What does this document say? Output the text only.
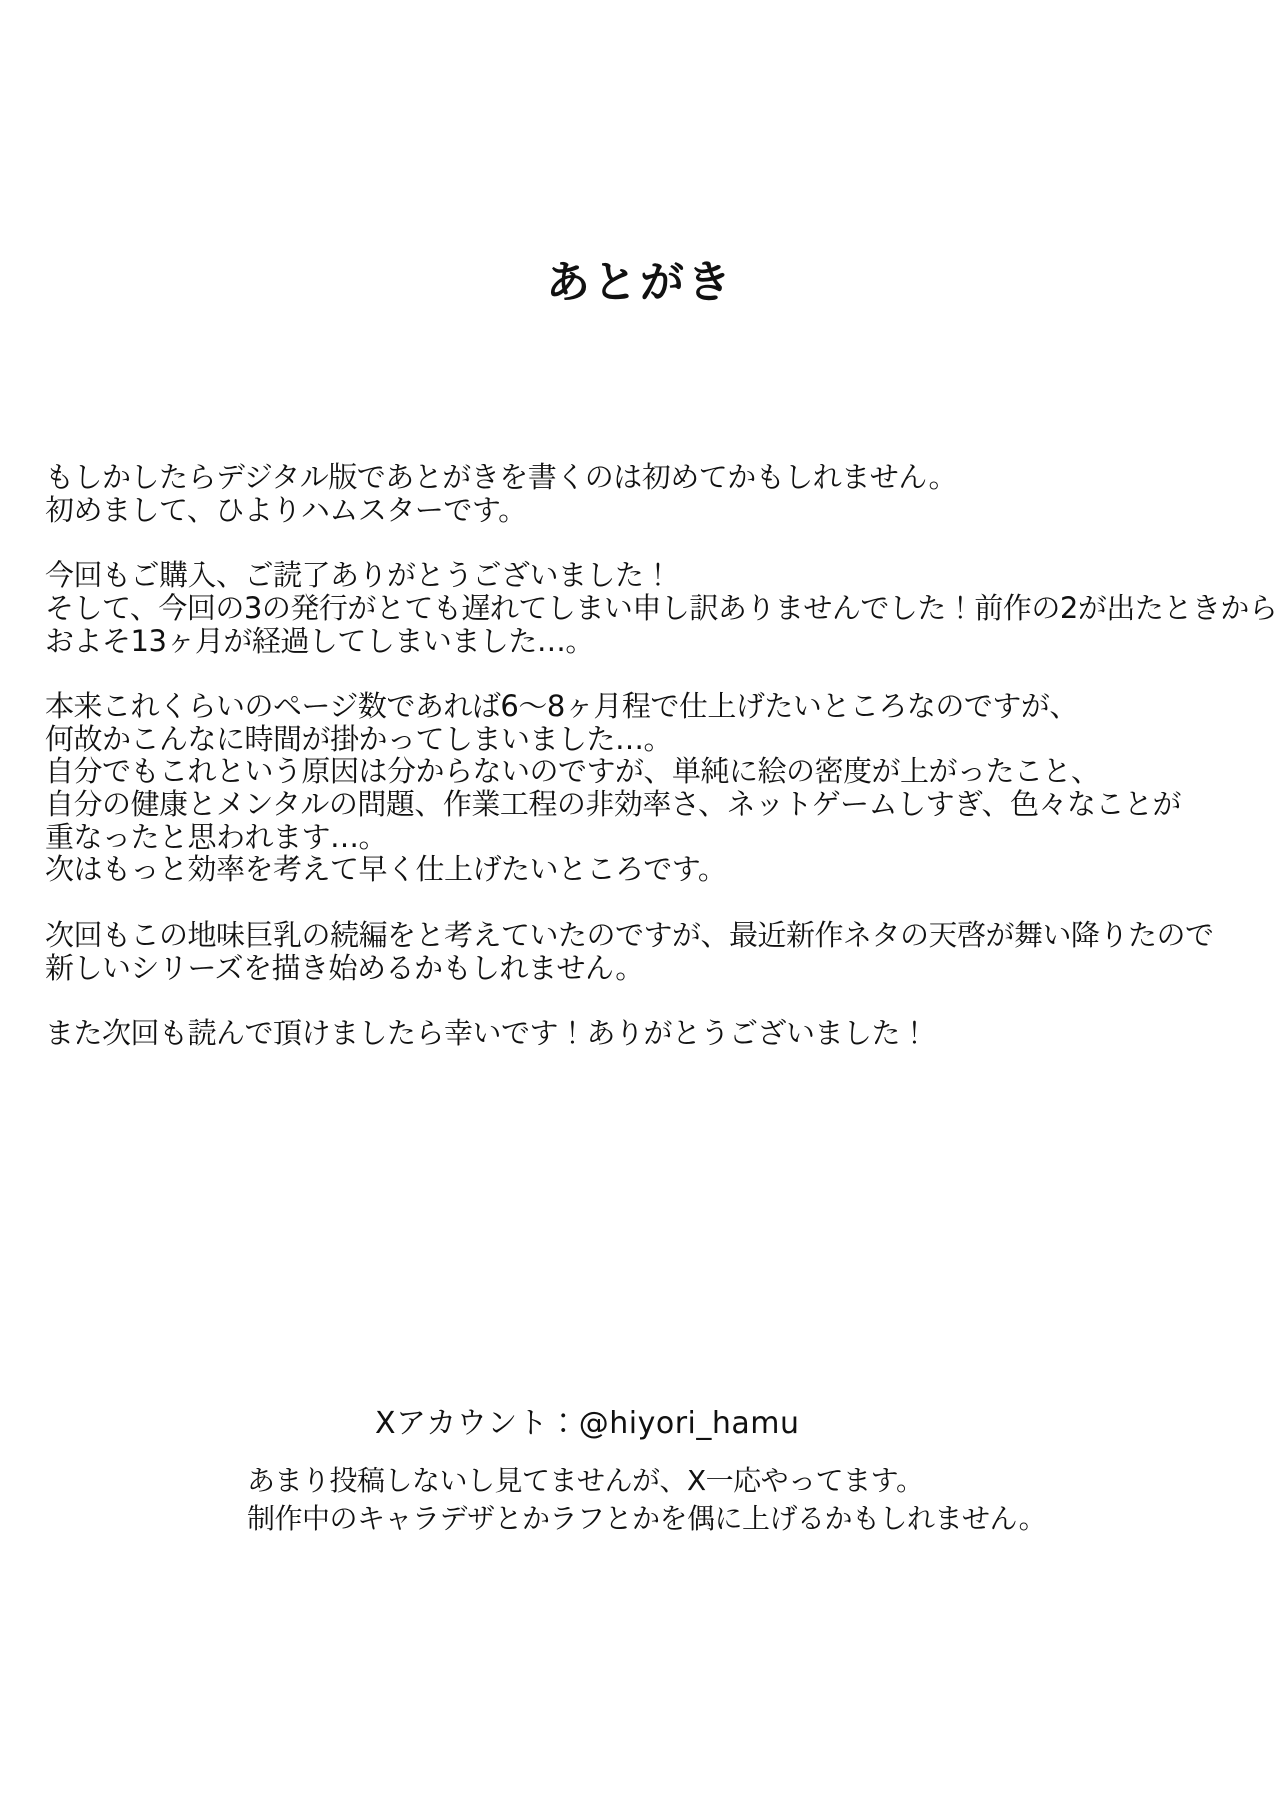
あとがき
もしかしたらデジタル版であとがきを書くのは初めてかもしれません。
初めまして、ひよりハムスターです。
今回もご購入、ご読了ありがとうございました！
そして、今回の3の発行がとても遅れてしまい申し訳ありませんでした！前作の2が出たときから
およそ13ヶ月が経過してしまいました…。
本来これくらいのページ数であれば6～8ヶ月程で仕上げたいところなのですが、
何故かこんなに時間が掛かってしまいました…。
自分でもこれという原因は分からないのですが、単純に絵の密度が上がったこと、
自分の健康とメンタルの問題、作業工程の非効率さ、ネットゲームしすぎ、色々なことが
重なったと思われます…。
次はもっと効率を考えて早く仕上げたいところです。
次回もこの地味巨乳の続編をと考えていたのですが、最近新作ネタの天啓が舞い降りたので
新しいシリーズを描き始めるかもしれません。
また次回も読んで頂けましたら幸いです！ありがとうございました！
Xアカウント：@hiyori_hamu
あまり投稿しないし見てませんが、X一応やってます。
制作中のキャラデザとかラフとかを偶に上げるかもしれません。
